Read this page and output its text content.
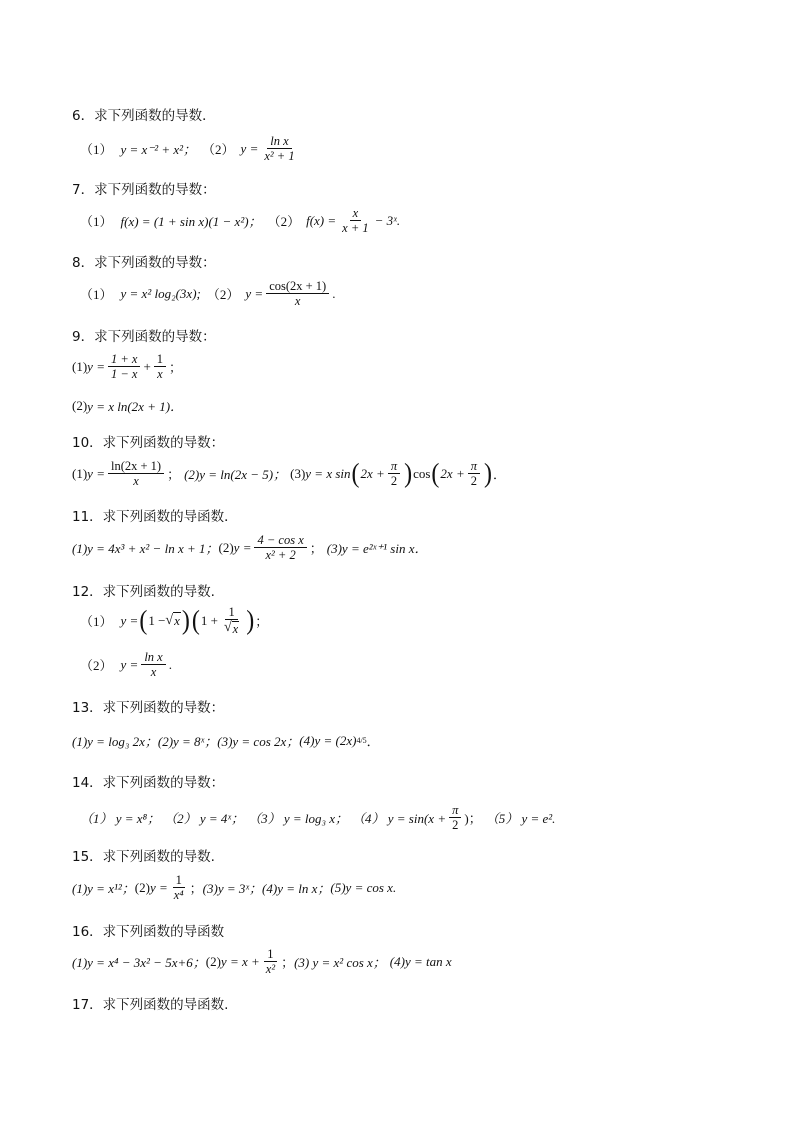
6．求下列函数的导数．
（1） y = x⁻² + x²； （2） $y = \frac{\text{ln x}}{\text{x² + 1}}$
7．求下列函数的导数：
（1） f(x) = (1 + sin x)(1 − x²)； （2） $f(x) = \frac{x}{x + 1}$ − 3ˣ.
8．求下列函数的导数：
（1） y = x² log₂(3x); （2） $y = \frac{\cos(2x + 1)}{x}$ .
9．求下列函数的导数：
(1) $y = \frac{1 + x}{1 - x} + \frac{1}{x}$ ；
(2) y = x ln(2x + 1)．
10．求下列函数的导数：
(1) $y = \frac{\ln(2x + 1)}{x}$ ； (2)y = ln(2x − 5)； (3) y = x sin ( $2x + \frac{\pi}{2}$ ) cos ( $2x + \frac{\pi}{2}$ ) ．
11．求下列函数的导函数．
(1)y = 4x³ + x² − ln x + 1； (2) $y = \frac{\text{4 − cos x}}{\text{x² + 2}}$ ； (3)y = e²ˣ⁺¹ sin x．
12．求下列函数的导数.
（1） y = ( 1 − √ x ) ( $1 + \frac{1}{√ x}$ ) ；
（2） $y = \frac{\text{ln x}}{x}$ .
13．求下列函数的导数：
(1)y = log₃ 2x； (2)y = 8ˣ； (3)y = cos 2x； (4)y = (2x) 4/5 ．
14．求下列函数的导数：
（1） y = x⁸； （2） y = 4ˣ； （3） y = log₃ x； （4） $y = \sin(x + \frac{\pi}{2}$ )； （5） y = e².
15．求下列函数的导数.
(1)y = x¹²； (2) $y = \frac{1}{\text{x⁴}}$ ； (3)y = 3ˣ； (4)y = ln x； (5)y = cos x.
16．求下列函数的导函数
(1)y = x⁴ − 3x² − 5x+6； (2) $y = x + \frac{1}{\text{x²}}$ ； (3) y = x² cos x； (4)y = tan x
17．求下列函数的导函数.
